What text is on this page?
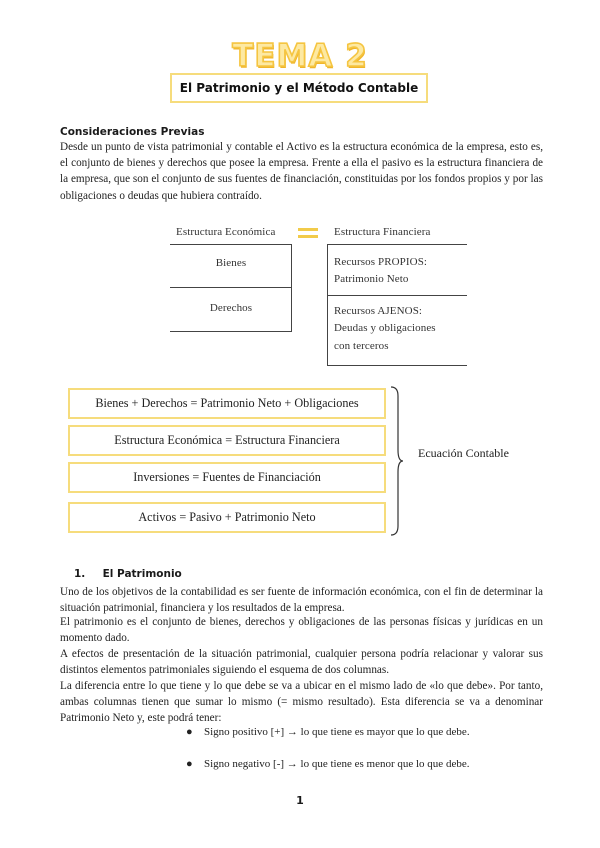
TEMA 2
El Patrimonio y el Método Contable
Consideraciones Previas
Desde un punto de vista patrimonial y contable el Activo es la estructura económica de la empresa, esto es, el conjunto de bienes y derechos que posee la empresa. Frente a ella el pasivo es la estructura financiera de la empresa, que son el conjunto de sus fuentes de financiación, constituidas por los fondos propios y por las obligaciones o deudas que hubiera contraído.
Estructura Económica	Estructura Financiera
Bienes
Derechos
Recursos PROPIOS:
Patrimonio Neto
Recursos AJENOS:
Deudas y obligaciones
con terceros
Bienes + Derechos = Patrimonio Neto + Obligaciones
Estructura Económica = Estructura Financiera
Inversiones = Fuentes de Financiación
Activos = Pasivo + Patrimonio Neto
Ecuación Contable
1. El Patrimonio
Uno de los objetivos de la contabilidad es ser fuente de información económica, con el fin de determinar la situación patrimonial, financiera y los resultados de la empresa.
El patrimonio es el conjunto de bienes, derechos y obligaciones de las personas físicas y jurídicas en un momento dado.
A efectos de presentación de la situación patrimonial, cualquier persona podría relacionar y valorar sus distintos elementos patrimoniales siguiendo el esquema de dos columnas.
La diferencia entre lo que tiene y lo que debe se va a ubicar en el mismo lado de «lo que debe». Por tanto, ambas columnas tienen que sumar lo mismo (= mismo resultado). Esta diferencia se va a denominar Patrimonio Neto y, este podrá tener:
● Signo positivo [+] → lo que tiene es mayor que lo que debe.
● Signo negativo [-] → lo que tiene es menor que lo que debe.
1
